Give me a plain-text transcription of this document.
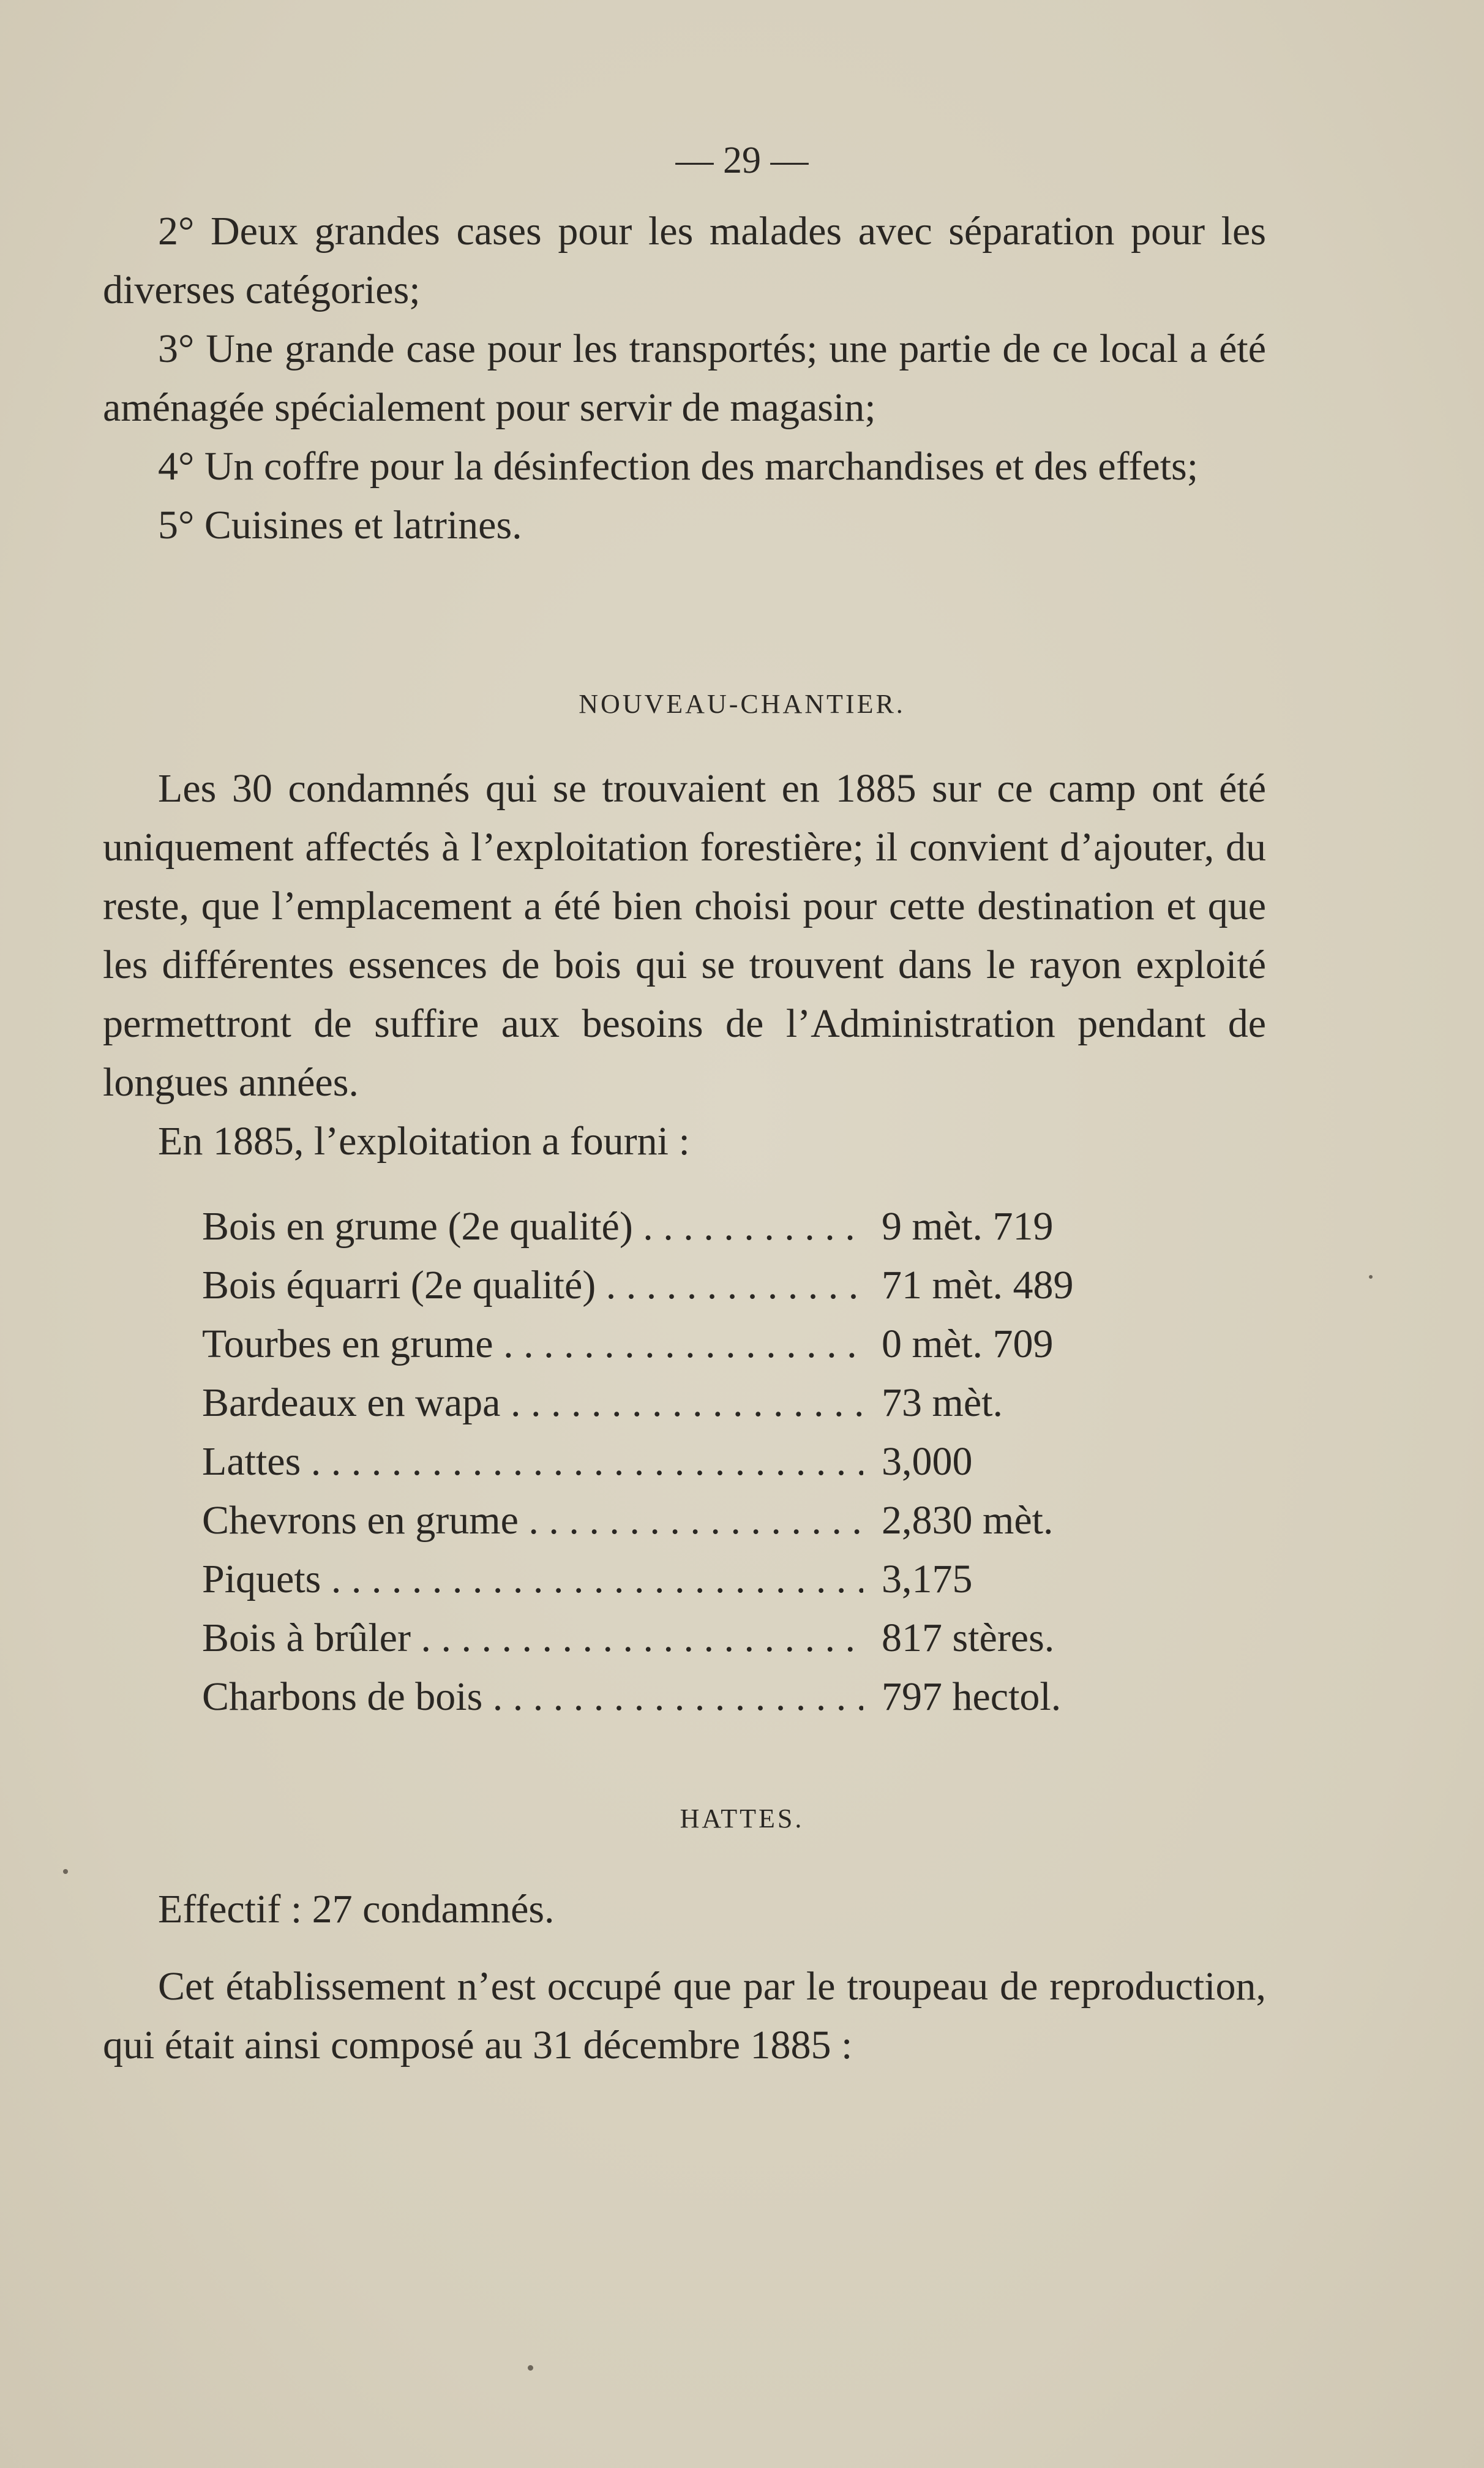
— 29 —

2° Deux grandes cases pour les malades avec séparation pour les diverses catégories;

3° Une grande case pour les transportés; une partie de ce local a été aménagée spécialement pour servir de magasin;

4° Un coffre pour la désinfection des marchandises et des effets;

5° Cuisines et latrines.

NOUVEAU-CHANTIER.

Les 30 condamnés qui se trouvaient en 1885 sur ce camp ont été uniquement affectés à l’exploitation forestière; il convient d’ajouter, du reste, que l’emplacement a été bien choisi pour cette destination et que les différentes essences de bois qui se trouvent dans le rayon exploité permettront de suffire aux besoins de l’Administration pendant de longues années.

En 1885, l’exploitation a fourni :

Bois en grume (2e qualité) . . .	9 mèt. 719
Bois équarri (2e qualité) . . .	71 mèt. 489
Tourbes en grume . . .	0 mèt. 709
Bardeaux en wapa . . .	73 mèt.
Lattes . . .	3,000
Chevrons en grume . . .	2,830 mèt.
Piquets . . .	3,175
Bois à brûler . . .	817 stères.
Charbons de bois . . .	797 hectol.
HATTES.

Effectif : 27 condamnés.

Cet établissement n’est occupé que par le troupeau de reproduction, qui était ainsi composé au 31 décembre 1885 :
